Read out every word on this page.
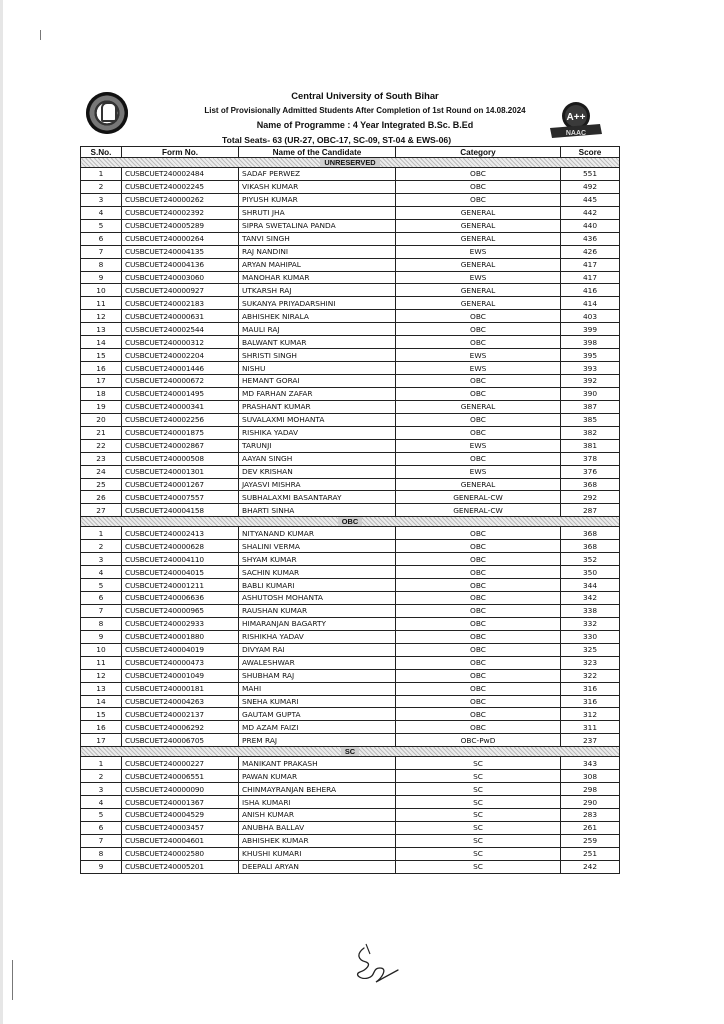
A++
NAAC
Central University of South Bihar
List of Provisionally Admitted Students After Completion of 1st Round on 14.08.2024
Name of Programme : 4 Year Integrated B.Sc. B.Ed
Total Seats- 63 (UR-27, OBC-17, SC-09, ST-04 & EWS-06)
S.No.	Form No.	Name of the Candidate	Category	Score
UNRESERVED				
1	CUSBCUET240002484	SADAF PERWEZ	OBC	551
2	CUSBCUET240002245	VIKASH KUMAR	OBC	492
3	CUSBCUET240000262	PIYUSH KUMAR	OBC	445
4	CUSBCUET240002392	SHRUTI JHA	GENERAL	442
5	CUSBCUET240005289	SIPRA SWETALINA PANDA	GENERAL	440
6	CUSBCUET240000264	TANVI SINGH	GENERAL	436
7	CUSBCUET240004135	RAJ NANDINI	EWS	426
8	CUSBCUET240004136	ARYAN MAHIPAL	GENERAL	417
9	CUSBCUET240003060	MANOHAR KUMAR	EWS	417
10	CUSBCUET240000927	UTKARSH RAJ	GENERAL	416
11	CUSBCUET240002183	SUKANYA PRIYADARSHINI	GENERAL	414
12	CUSBCUET240000631	ABHISHEK NIRALA	OBC	403
13	CUSBCUET240002544	MAULI RAJ	OBC	399
14	CUSBCUET240000312	BALWANT KUMAR	OBC	398
15	CUSBCUET240002204	SHRISTI SINGH	EWS	395
16	CUSBCUET240001446	NISHU	EWS	393
17	CUSBCUET240000672	HEMANT GORAI	OBC	392
18	CUSBCUET240001495	MD FARHAN ZAFAR	OBC	390
19	CUSBCUET240000341	PRASHANT KUMAR	GENERAL	387
20	CUSBCUET240002256	SUVALAXMI MOHANTA	OBC	385
21	CUSBCUET240001875	RISHIKA YADAV	OBC	382
22	CUSBCUET240002867	TARUNJI	EWS	381
23	CUSBCUET240000508	AAYAN SINGH	OBC	378
24	CUSBCUET240001301	DEV KRISHAN	EWS	376
25	CUSBCUET240001267	JAYASVI MISHRA	GENERAL	368
26	CUSBCUET240007557	SUBHALAXMI BASANTARAY	GENERAL-CW	292
27	CUSBCUET240004158	BHARTI SINHA	GENERAL-CW	287
OBC				
1	CUSBCUET240002413	NITYANAND KUMAR	OBC	368
2	CUSBCUET240000628	SHALINI VERMA	OBC	368
3	CUSBCUET240004110	SHYAM KUMAR	OBC	352
4	CUSBCUET240004015	SACHIN KUMAR	OBC	350
5	CUSBCUET240001211	BABLI KUMARI	OBC	344
6	CUSBCUET240006636	ASHUTOSH MOHANTA	OBC	342
7	CUSBCUET240000965	RAUSHAN KUMAR	OBC	338
8	CUSBCUET240002933	HIMARANJAN BAGARTY	OBC	332
9	CUSBCUET240001880	RISHIKHA YADAV	OBC	330
10	CUSBCUET240004019	DIVYAM RAI	OBC	325
11	CUSBCUET240000473	AWALESHWAR	OBC	323
12	CUSBCUET240001049	SHUBHAM RAJ	OBC	322
13	CUSBCUET240000181	MAHI	OBC	316
14	CUSBCUET240004263	SNEHA KUMARI	OBC	316
15	CUSBCUET240002137	GAUTAM GUPTA	OBC	312
16	CUSBCUET240006292	MD AZAM FAIZI	OBC	311
17	CUSBCUET240006705	PREM RAJ	OBC-PwD	237
SC				
1	CUSBCUET240000227	MANIKANT PRAKASH	SC	343
2	CUSBCUET240006551	PAWAN KUMAR	SC	308
3	CUSBCUET240000090	CHINMAYRANJAN BEHERA	SC	298
4	CUSBCUET240001367	ISHA KUMARI	SC	290
5	CUSBCUET240004529	ANISH KUMAR	SC	283
6	CUSBCUET240003457	ANUBHA BALLAV	SC	261
7	CUSBCUET240004601	ABHISHEK KUMAR	SC	259
8	CUSBCUET240002580	KHUSHI KUMARI	SC	251
9	CUSBCUET240005201	DEEPALI ARYAN	SC	242
